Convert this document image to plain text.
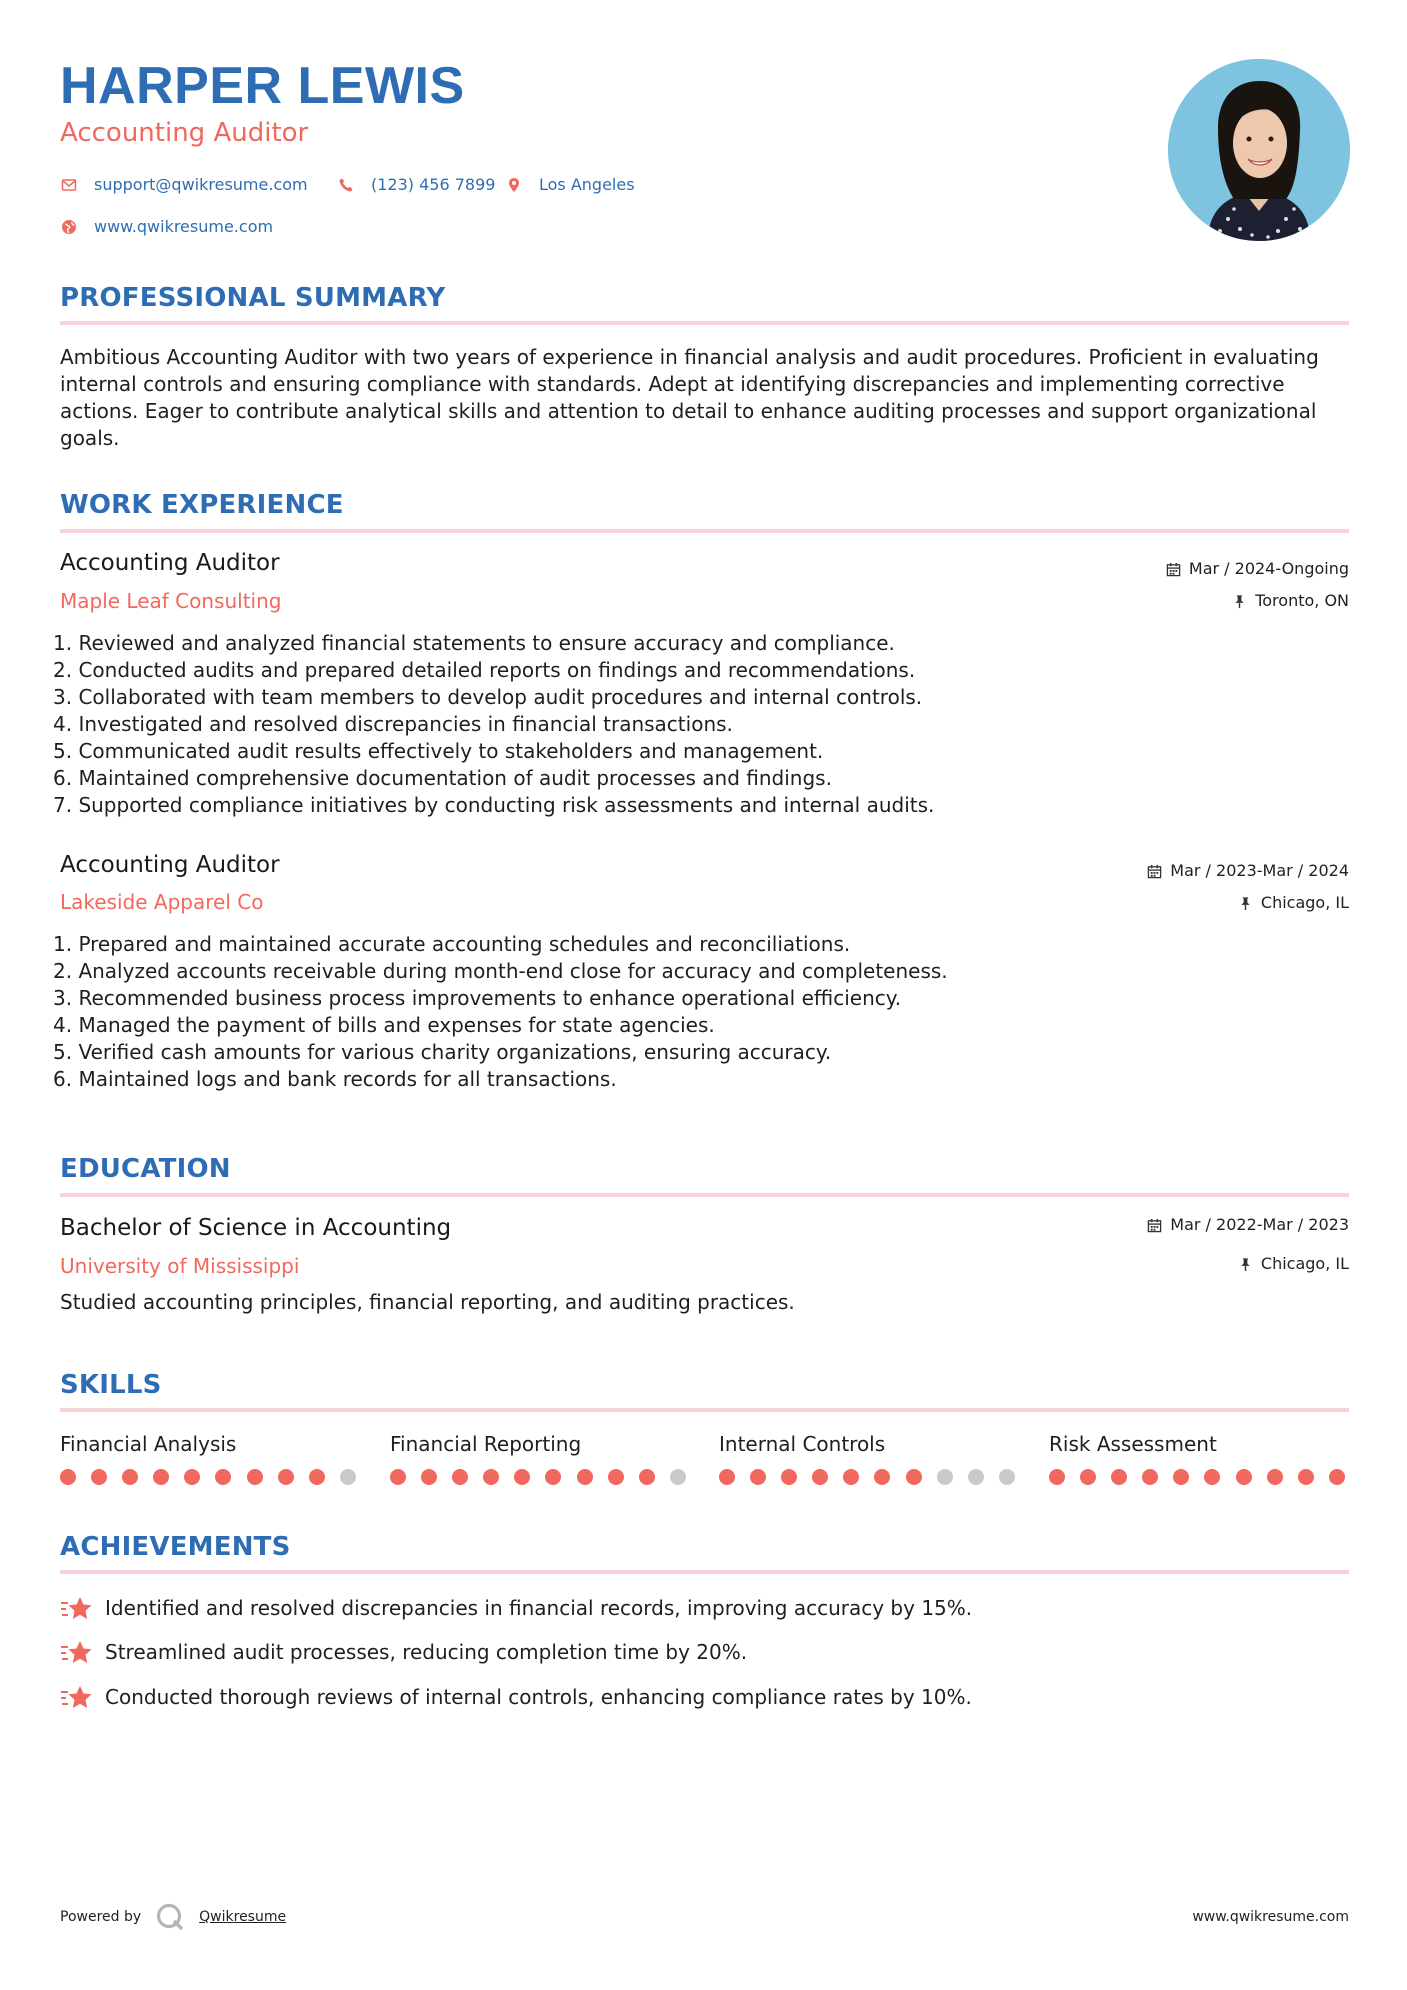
HARPER LEWIS
Accounting Auditor
support@qwikresume.com	(123) 456 7899	Los Angeles
www.qwikresume.com
PROFESSIONAL SUMMARY
Ambitious Accounting Auditor with two years of experience in financial analysis and audit procedures. Proficient in evaluating internal controls and ensuring compliance with standards. Adept at identifying discrepancies and implementing corrective actions. Eager to contribute analytical skills and attention to detail to enhance auditing processes and support organizational goals.
WORK EXPERIENCE
Accounting Auditor
Maple Leaf Consulting
Mar / 2024-Ongoing
Toronto, ON
1. Reviewed and analyzed financial statements to ensure accuracy and compliance.
2. Conducted audits and prepared detailed reports on findings and recommendations.
3. Collaborated with team members to develop audit procedures and internal controls.
4. Investigated and resolved discrepancies in financial transactions.
5. Communicated audit results effectively to stakeholders and management.
6. Maintained comprehensive documentation of audit processes and findings.
7. Supported compliance initiatives by conducting risk assessments and internal audits.
Accounting Auditor
Lakeside Apparel Co
Mar / 2023-Mar / 2024
Chicago, IL
1. Prepared and maintained accurate accounting schedules and reconciliations.
2. Analyzed accounts receivable during month-end close for accuracy and completeness.
3. Recommended business process improvements to enhance operational efficiency.
4. Managed the payment of bills and expenses for state agencies.
5. Verified cash amounts for various charity organizations, ensuring accuracy.
6. Maintained logs and bank records for all transactions.
EDUCATION
Bachelor of Science in Accounting
University of Mississippi
Mar / 2022-Mar / 2023
Chicago, IL
Studied accounting principles, financial reporting, and auditing practices.
SKILLS
Financial Analysis	Financial Reporting	Internal Controls	Risk Assessment
ACHIEVEMENTS
Identified and resolved discrepancies in financial records, improving accuracy by 15%.
Streamlined audit processes, reducing completion time by 20%.
Conducted thorough reviews of internal controls, enhancing compliance rates by 10%.
Powered by	Qwikresume	www.qwikresume.com
